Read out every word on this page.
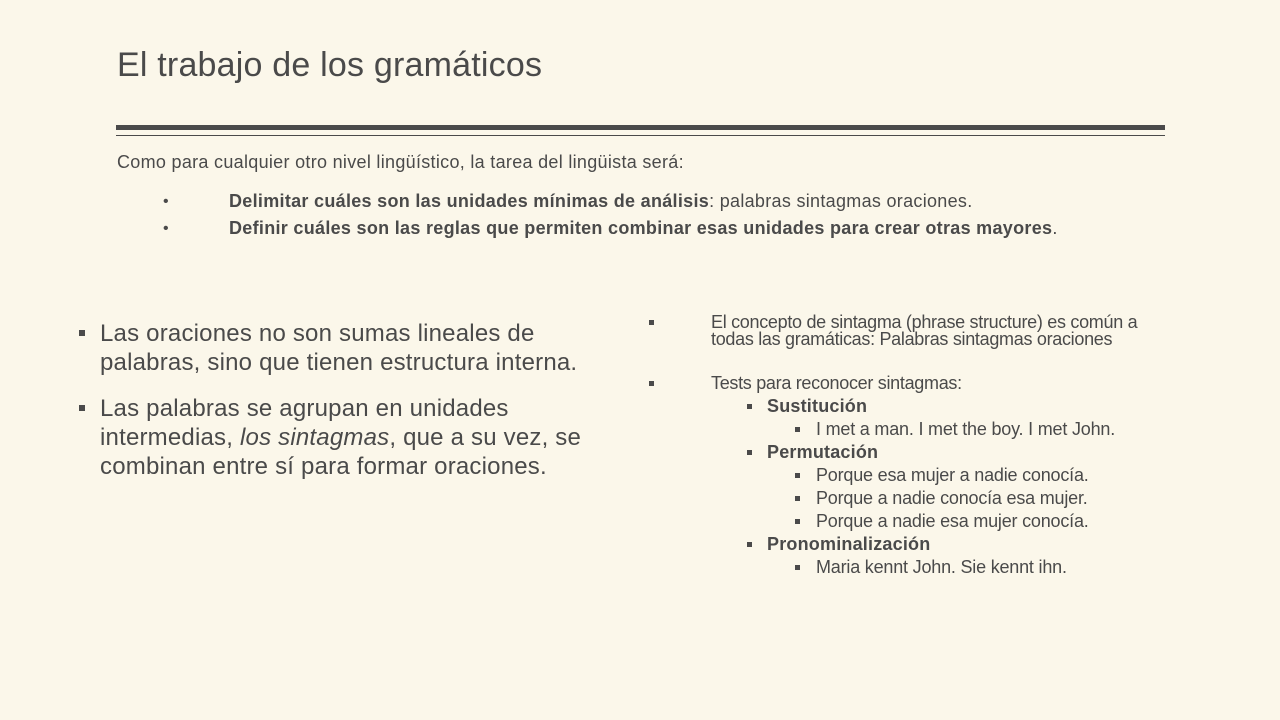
El trabajo de los gramáticos
Como para cualquier otro nivel lingüístico, la tarea del lingüista será:
•	Delimitar cuáles son las unidades mínimas de análisis: palabras sintagmas oraciones.
•	Definir cuáles son las reglas que permiten combinar esas unidades para crear otras mayores.
Las oraciones no son sumas lineales de palabras, sino que tienen estructura interna.
Las palabras se agrupan en unidades intermedias, los sintagmas, que a su vez, se combinan entre sí para formar oraciones.
El concepto de sintagma (phrase structure) es común a todas las gramáticas: Palabras sintagmas oraciones
Tests para reconocer sintagmas:
Sustitución
I met a man. I met the boy. I met John.
Permutación
Porque esa mujer a nadie conocía.
Porque a nadie conocía esa mujer.
Porque a nadie esa mujer conocía.
Pronominalización
Maria kennt John. Sie kennt ihn.
